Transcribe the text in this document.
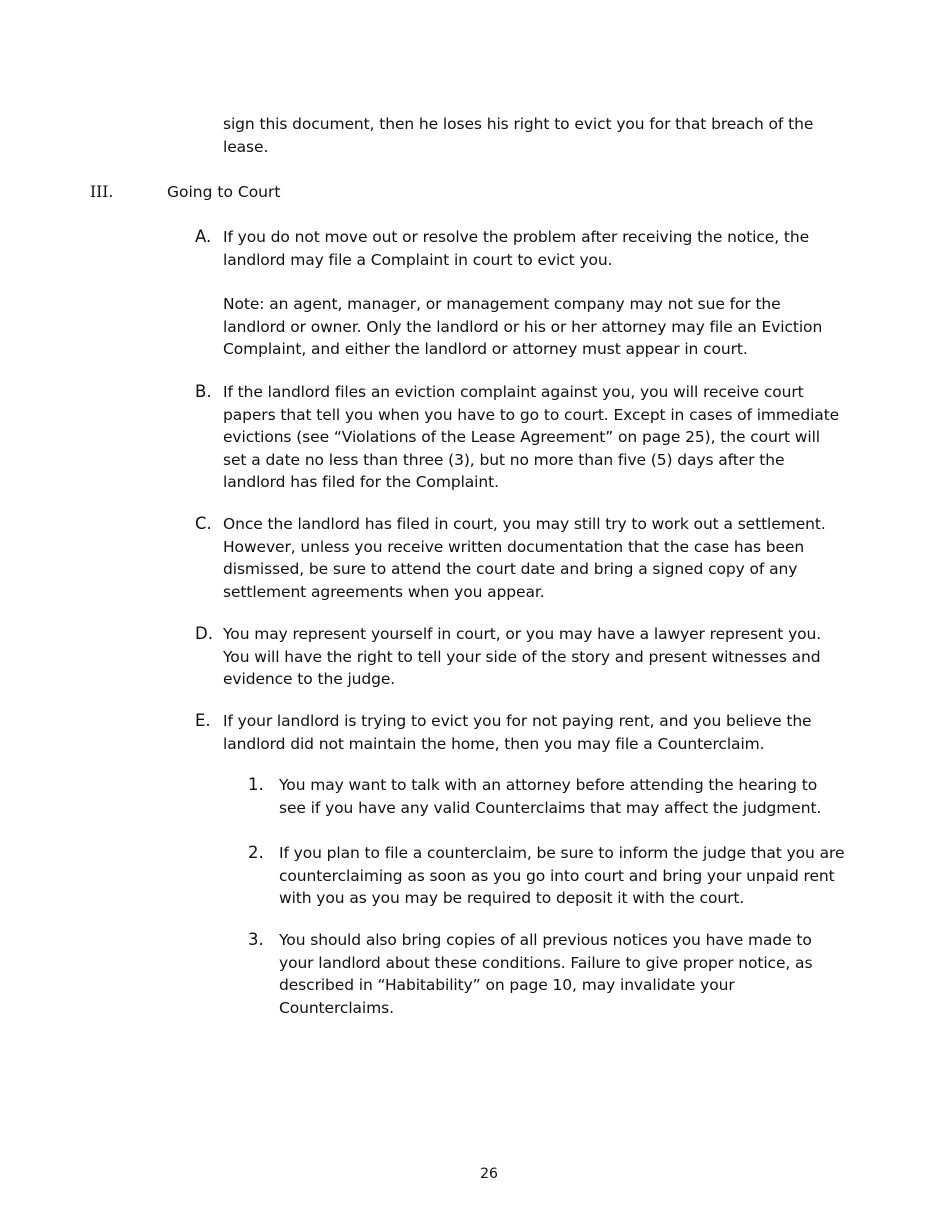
sign this document, then he loses his right to evict you for that breach of the lease.
III.	Going to Court
A. If you do not move out or resolve the problem after receiving the notice, the landlord may file a Complaint in court to evict you.
Note: an agent, manager, or management company may not sue for the landlord or owner. Only the landlord or his or her attorney may file an Eviction Complaint, and either the landlord or attorney must appear in court.
B. If the landlord files an eviction complaint against you, you will receive court papers that tell you when you have to go to court. Except in cases of immediate evictions (see “Violations of the Lease Agreement” on page 25), the court will set a date no less than three (3), but no more than five (5) days after the landlord has filed for the Complaint.
C. Once the landlord has filed in court, you may still try to work out a settlement. However, unless you receive written documentation that the case has been dismissed, be sure to attend the court date and bring a signed copy of any settlement agreements when you appear.
D. You may represent yourself in court, or you may have a lawyer represent you. You will have the right to tell your side of the story and present witnesses and evidence to the judge.
E. If your landlord is trying to evict you for not paying rent, and you believe the landlord did not maintain the home, then you may file a Counterclaim.
1. You may want to talk with an attorney before attending the hearing to see if you have any valid Counterclaims that may affect the judgment.
2. If you plan to file a counterclaim, be sure to inform the judge that you are counterclaiming as soon as you go into court and bring your unpaid rent with you as you may be required to deposit it with the court.
3. You should also bring copies of all previous notices you have made to your landlord about these conditions. Failure to give proper notice, as described in “Habitability” on page 10, may invalidate your Counterclaims.
26
